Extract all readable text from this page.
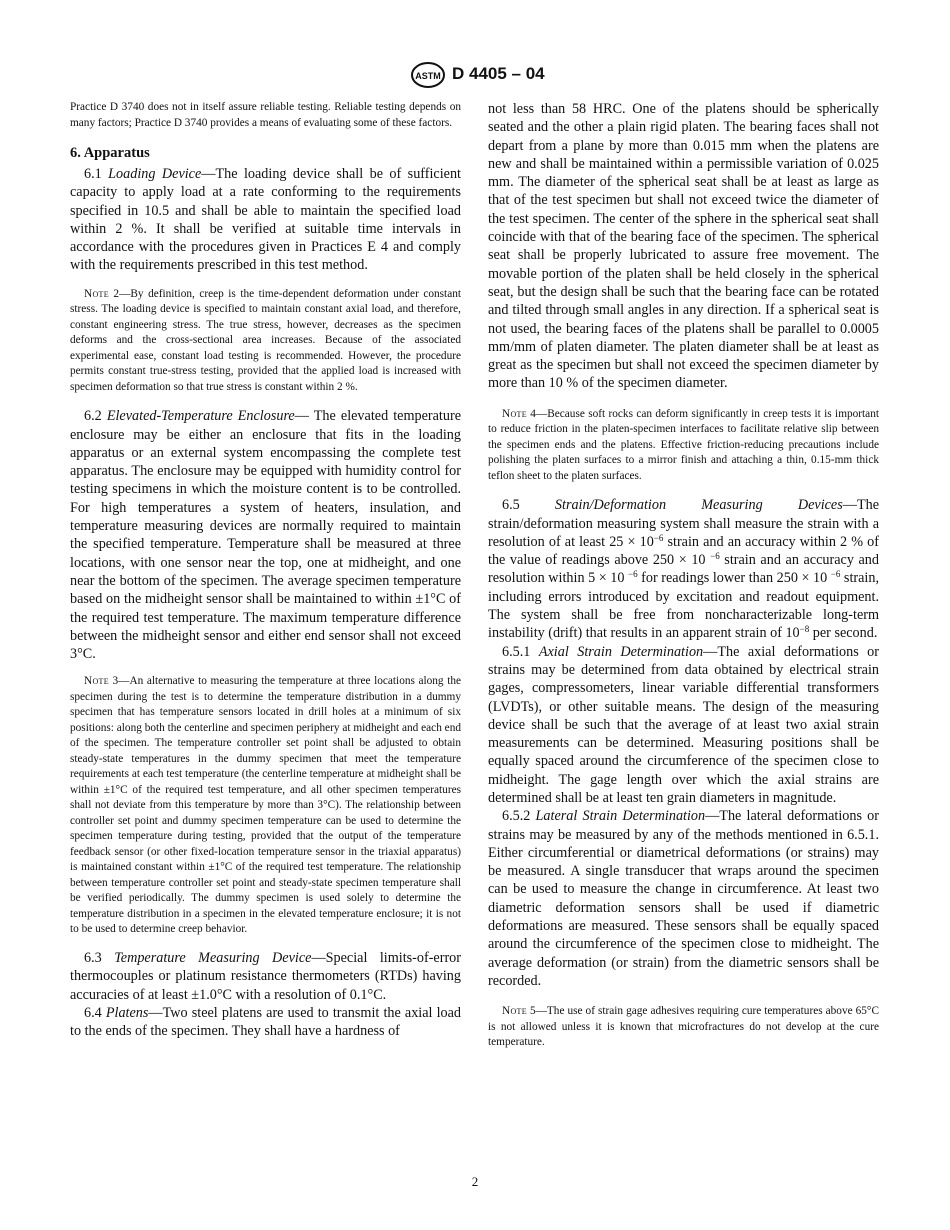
ASTM D 4405 – 04

Practice D 3740 does not in itself assure reliable testing. Reliable testing depends on many factors; Practice D 3740 provides a means of evaluating some of these factors.

6. Apparatus

6.1 Loading Device—The loading device shall be of sufficient capacity to apply load at a rate conforming to the requirements specified in 10.5 and shall be able to maintain the specified load within 2 %. It shall be verified at suitable time intervals in accordance with the procedures given in Practices E 4 and comply with the requirements prescribed in this test method.

Note 2—By definition, creep is the time-dependent deformation under constant stress. The loading device is specified to maintain constant axial load, and therefore, constant engineering stress. The true stress, however, decreases as the specimen deforms and the cross-sectional area increases. Because of the associated experimental ease, constant load testing is recommended. However, the procedure permits constant true-stress testing, provided that the applied load is increased with specimen deformation so that true stress is constant within 2 %.

6.2 Elevated-Temperature Enclosure— The elevated temperature enclosure may be either an enclosure that fits in the loading apparatus or an external system encompassing the complete test apparatus. The enclosure may be equipped with humidity control for testing specimens in which the moisture content is to be controlled. For high temperatures a system of heaters, insulation, and temperature measuring devices are normally required to maintain the specified temperature. Temperature shall be measured at three locations, with one sensor near the top, one at midheight, and one near the bottom of the specimen. The average specimen temperature based on the midheight sensor shall be maintained to within ±1°C of the required test temperature. The maximum temperature difference between the midheight sensor and either end sensor shall not exceed 3°C.

Note 3—An alternative to measuring the temperature at three locations along the specimen during the test is to determine the temperature distribution in a dummy specimen that has temperature sensors located in drill holes at a minimum of six positions: along both the centerline and specimen periphery at midheight and each end of the specimen. The temperature controller set point shall be adjusted to obtain steady-state temperatures in the dummy specimen that meet the temperature requirements at each test temperature (the centerline temperature at midheight shall be within ±1°C of the required test temperature, and all other specimen temperatures shall not deviate from this temperature by more than 3°C). The relationship between controller set point and dummy specimen temperature can be used to determine the specimen temperature during testing, provided that the output of the temperature feedback sensor (or other fixed-location temperature sensor in the triaxial apparatus) is maintained constant within ±1°C of the required test temperature. The relationship between temperature controller set point and steady-state specimen temperature shall be verified periodically. The dummy specimen is used solely to determine the temperature distribution in a specimen in the elevated temperature enclosure; it is not to be used to determine creep behavior.

6.3 Temperature Measuring Device—Special limits-of-error thermocouples or platinum resistance thermometers (RTDs) having accuracies of at least ±1.0°C with a resolution of 0.1°C.

6.4 Platens—Two steel platens are used to transmit the axial load to the ends of the specimen. They shall have a hardness of

not less than 58 HRC. One of the platens should be spherically seated and the other a plain rigid platen. The bearing faces shall not depart from a plane by more than 0.015 mm when the platens are new and shall be maintained within a permissible variation of 0.025 mm. The diameter of the spherical seat shall be at least as large as that of the test specimen but shall not exceed twice the diameter of the test specimen. The center of the sphere in the spherical seat shall coincide with that of the bearing face of the specimen. The spherical seat shall be properly lubricated to assure free movement. The movable portion of the platen shall be held closely in the spherical seat, but the design shall be such that the bearing face can be rotated and tilted through small angles in any direction. If a spherical seat is not used, the bearing faces of the platens shall be parallel to 0.0005 mm/mm of platen diameter. The platen diameter shall be at least as great as the specimen but shall not exceed the specimen diameter by more than 10 % of the specimen diameter.

Note 4—Because soft rocks can deform significantly in creep tests it is important to reduce friction in the platen-specimen interfaces to facilitate relative slip between the specimen ends and the platens. Effective friction-reducing precautions include polishing the platen surfaces to a mirror finish and attaching a thin, 0.15-mm thick teflon sheet to the platen surfaces.

6.5 Strain/Deformation Measuring Devices—The strain/deformation measuring system shall measure the strain with a resolution of at least $25 \times 10^{-6}$ strain and an accuracy within 2 % of the value of readings above 250 × 10 $^{-6}$ strain and an accuracy and resolution within 5 × 10 $^{-6}$ for readings lower than 250 × 10 $^{-6}$ strain, including errors introduced by excitation and readout equipment. The system shall be free from noncharacterizable long-term instability (drift) that results in an apparent strain of $10^{-8}$ per second.

6.5.1 Axial Strain Determination—The axial deformations or strains may be determined from data obtained by electrical strain gages, compressometers, linear variable differential transformers (LVDTs), or other suitable means. The design of the measuring device shall be such that the average of at least two axial strain measurements can be determined. Measuring positions shall be equally spaced around the circumference of the specimen close to midheight. The gage length over which the axial strains are determined shall be at least ten grain diameters in magnitude.

6.5.2 Lateral Strain Determination—The lateral deformations or strains may be measured by any of the methods mentioned in 6.5.1. Either circumferential or diametrical deformations (or strains) may be measured. A single transducer that wraps around the specimen can be used to measure the change in circumference. At least two diametric deformation sensors shall be used if diametric deformations are measured. These sensors shall be equally spaced around the circumference of the specimen close to midheight. The average deformation (or strain) from the diametric sensors shall be recorded.

Note 5—The use of strain gage adhesives requiring cure temperatures above 65°C is not allowed unless it is known that microfractures do not develop at the cure temperature.

2
